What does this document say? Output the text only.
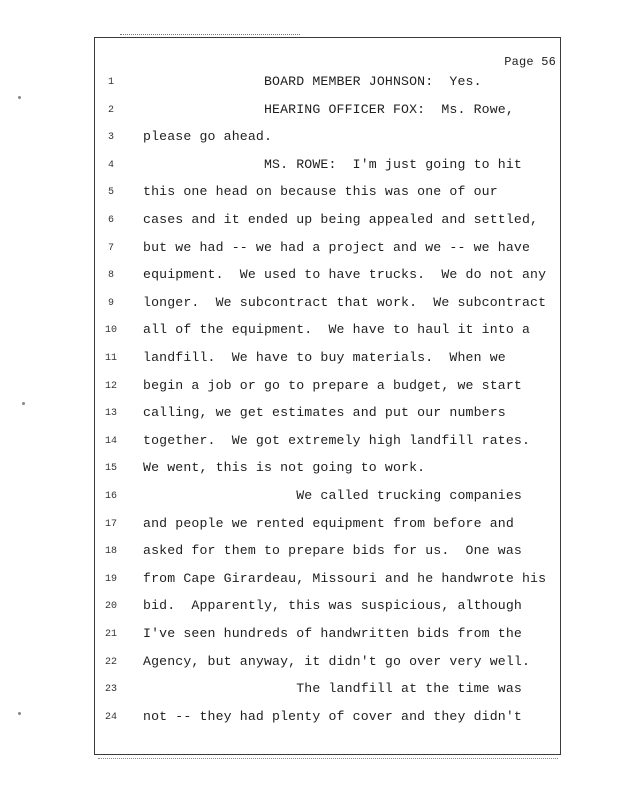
Page 56
1	BOARD MEMBER JOHNSON:  Yes.
2	HEARING OFFICER FOX:  Ms. Rowe,
3	please go ahead.
4	MS. ROWE:  I'm just going to hit
5	this one head on because this was one of our
6	cases and it ended up being appealed and settled,
7	but we had -- we had a project and we -- we have
8	equipment.  We used to have trucks.  We do not any
9	longer.  We subcontract that work.  We subcontract
10	all of the equipment.  We have to haul it into a
11	landfill.  We have to buy materials.  When we
12	begin a job or go to prepare a budget, we start
13	calling, we get estimates and put our numbers
14	together.  We got extremely high landfill rates.
15	We went, this is not going to work.
16	We called trucking companies
17	and people we rented equipment from before and
18	asked for them to prepare bids for us.  One was
19	from Cape Girardeau, Missouri and he handwrote his
20	bid.  Apparently, this was suspicious, although
21	I've seen hundreds of handwritten bids from the
22	Agency, but anyway, it didn't go over very well.
23	The landfill at the time was
24	not -- they had plenty of cover and they didn't
